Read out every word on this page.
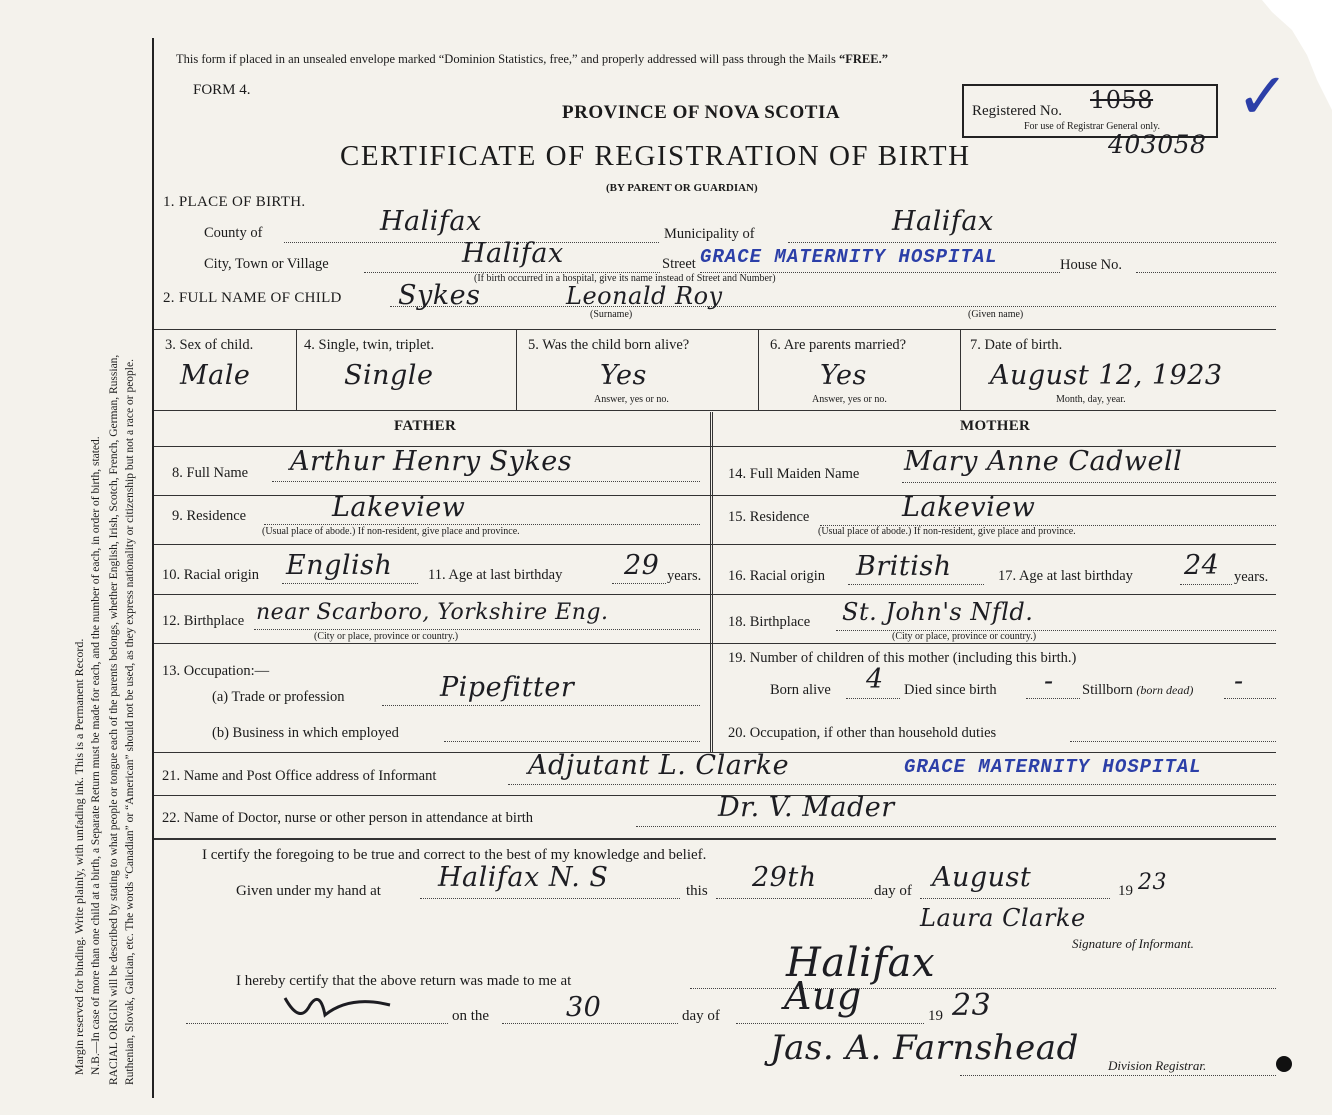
Margin reserved for binding. Write plainly, with unfading ink. This is a Permanent Record. N.B.—In case of more than one child at a birth, a Separate Return must be made for each, and the number of each, in order of birth, stated. RACIAL ORIGIN will be described by stating to what people or tongue each of the parents belongs, whether English, Irish, Scotch, French, German, Russian, Ruthenian, Slovak, Galician, etc. The words “Canadian” or “American” should not be used, as they express nationality or citizenship but not a race or people.
This form if placed in an unsealed envelope marked “Dominion Statistics, free,” and properly addressed will pass through the Mails “FREE.”
FORM 4.
PROVINCE OF NOVA SCOTIA
CERTIFICATE OF REGISTRATION OF BIRTH
(BY PARENT OR GUARDIAN)
Registered No. 1058
For use of Registrar General only.
403058
✓
1. PLACE OF BIRTH.
County of	Halifax	Municipality of	Halifax
City, Town or Village	Halifax	Street GRACE MATERNITY HOSPITAL	House No.
(If birth occurred in a hospital, give its name instead of Street and Number)
2. FULL NAME OF CHILD Sykes	Leonald Roy
(Surname)	(Given name)
3. Sex of child.
Male
4. Single, twin, triplet.
Single
5. Was the child born alive?
Yes
Answer, yes or no.
6. Are parents married?
Yes
Answer, yes or no.
7. Date of birth.
August 12, 1923
Month, day, year.
FATHER	MOTHER
8. Full Name Arthur Henry Sykes
9. Residence	Lakeview
(Usual place of abode.) If non-resident, give place and province.
10. Racial origin English 11. Age at last birthday 29 years.
12. Birthplace near Scarboro, Yorkshire Eng.
(City or place, province or country.)
13. Occupation:—
(a) Trade or profession	Pipefitter
(b) Business in which employed
14. Full Maiden Name Mary Anne Cadwell
15. Residence	Lakeview
(Usual place of abode.) If non-resident, give place and province.
16. Racial origin British	17. Age at last birthday 24 years.
18. Birthplace St. John's Nfld.
(City or place, province or country.)
19. Number of children of this mother (including this birth.)
Born alive 4 Died since birth - Stillborn (born dead) -
20. Occupation, if other than household duties
21. Name and Post Office address of Informant	Adjutant L. Clarke	GRACE MATERNITY HOSPITAL
22. Name of Doctor, nurse or other person in attendance at birth	Dr. V. Mader
I certify the foregoing to be true and correct to the best of my knowledge and belief.
Given under my hand at Halifax N. S	this 29th	day of August	19 23
Laura Clarke
Signature of Informant.
I hereby certify that the above return was made to me at	Halifax
on the	30	day of Aug	19 23
Jas. A. Farnshead Division Registrar.
